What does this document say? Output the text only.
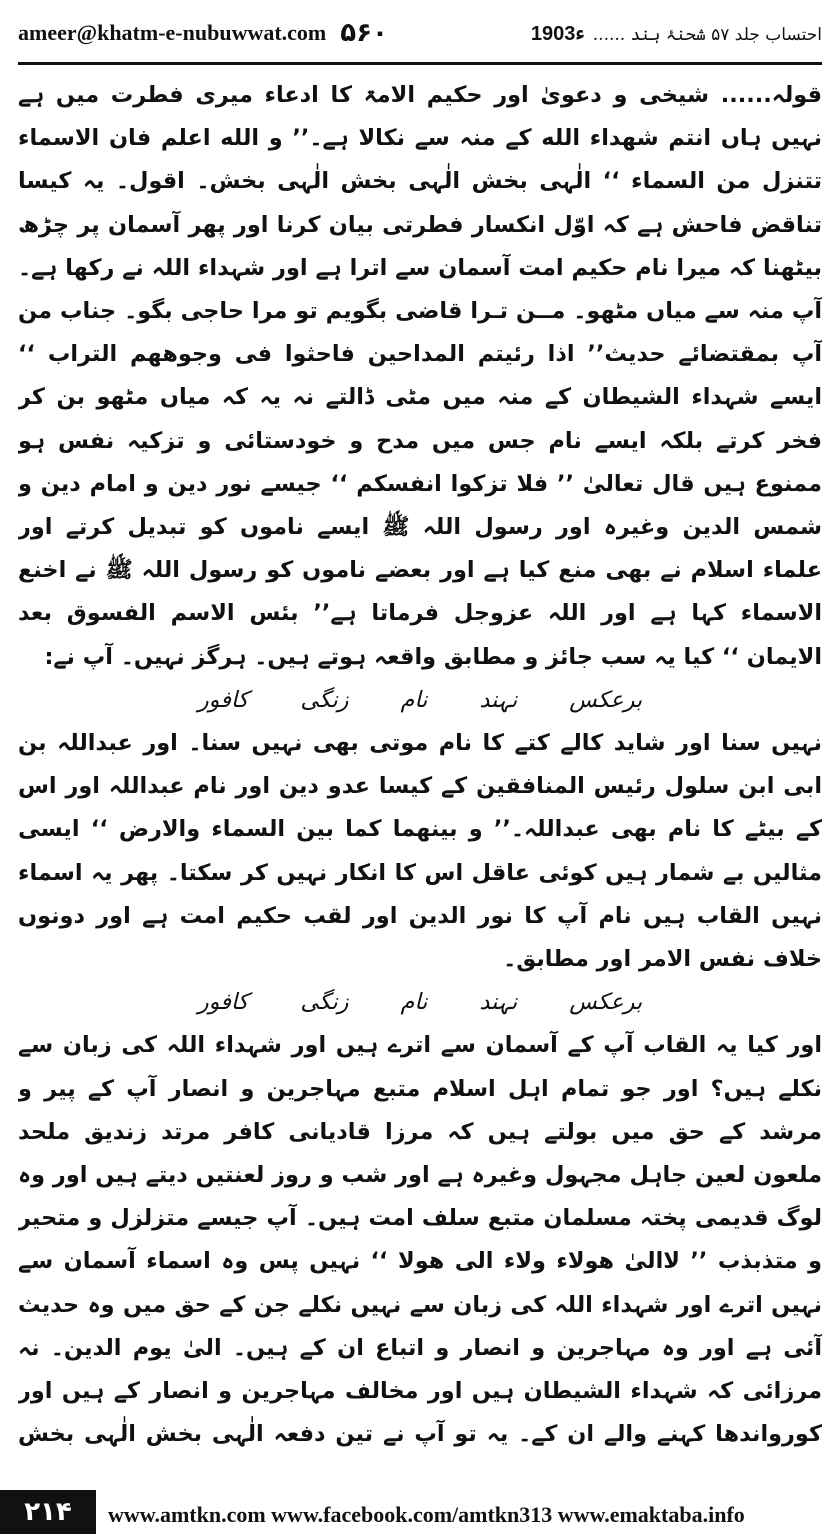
ameer@khatm-e-nubuwwat.com ۵۶۰	احتساب جلد ۵۷ شحنۂ ہند ......
1903ء

قولہ...... شیخی و دعویٰ اور حکیم الامۃ کا ادعاء میری فطرت میں ہے نہیں ہاں انتم شھداء الله کے منہ سے نکالا ہے۔’’ و الله اعلم فان الاسماء تتنزل من السماء ‘‘ الٰہی بخش الٰہی بخش الٰہی بخش۔ اقول۔ یہ کیسا تناقض فاحش ہے کہ اوّل انکسار فطرتی بیان کرنا اور پھر آسمان پر چڑھ بیٹھنا کہ میرا نام حکیم امت آسمان سے اترا ہے اور شہداء اللہ نے رکھا ہے۔ آپ منہ سے میاں مٹھو۔ مــن تـرا قاضی بگویم تو مرا حاجی بگو۔ جناب من آپ بمقتضائے حدیث’’ اذا رئیتم المداحین فاحثوا فی وجوھھم التراب ‘‘ ایسے شہداء الشیطان کے منہ میں مٹی ڈالتے نہ یہ کہ میاں مٹھو بن کر فخر کرتے بلکہ ایسے نام جس میں مدح و خودستائی و تزکیہ نفس ہو ممنوع ہیں قال تعالیٰ ’’ فلا تزکوا انفسکم ‘‘ جیسے نور دین و امام دین و شمس الدین وغیرہ اور رسول اللہ ﷺ ایسے ناموں کو تبدیل کرتے اور علماء اسلام نے بھی منع کیا ہے اور بعضے ناموں کو رسول اللہ ﷺ نے اخنع الاسماء کہا ہے اور اللہ عزوجل فرماتا ہے’’ بئس الاسم الفسوق بعد الایمان ‘‘ کیا یہ سب جائز و مطابق واقعہ ہوتے ہیں۔ ہرگز نہیں۔ آپ نے:

برعکس
نہند
نام
زنگی
کافور

نہیں سنا اور شاید کالے کتے کا نام موتی بھی نہیں سنا۔ اور عبداللہ بن ابی ابن سلول رئیس المنافقین کے کیسا عدو دین اور نام عبداللہ اور اس کے بیٹے کا نام بھی عبداللہ۔’’ و بینھما کما بین السماء والارض ‘‘ ایسی مثالیں بے شمار ہیں کوئی عاقل اس کا انکار نہیں کر سکتا۔ پھر یہ اسماء نہیں القاب ہیں نام آپ کا نور الدین اور لقب حکیم امت ہے اور دونوں خلاف نفس الامر اور مطابق۔

برعکس
نہند
نام
زنگی
کافور

اور کیا یہ القاب آپ کے آسمان سے اترے ہیں اور شہداء اللہ کی زبان سے نکلے ہیں؟ اور جو تمام اہل اسلام متبع مہاجرین و انصار آپ کے پیر و مرشد کے حق میں بولتے ہیں کہ مرزا قادیانی کافر مرتد زندیق ملحد ملعون لعین جاہل مجہول وغیرہ ہے اور شب و روز لعنتیں دیتے ہیں اور وہ لوگ قدیمی پختہ مسلمان متبع سلف امت ہیں۔ آپ جیسے متزلزل و متحیر و متذبذب ’’ لاالیٰ ھولاء ولاء الی ھولا ‘‘ نہیں پس وہ اسماء آسمان سے نہیں اترے اور شہداء اللہ کی زبان سے نہیں نکلے جن کے حق میں وہ حدیث آئی ہے اور وہ مہاجرین و انصار و اتباع ان کے ہیں۔ الیٰ یوم الدین۔ نہ مرزائی کہ شہداء الشیطان ہیں اور مخالف مہاجرین و انصار کے ہیں اور کورواندھا کہنے والے ان کے۔ یہ تو آپ نے تین دفعہ الٰہی بخش الٰہی بخش

۲۱۴	www.amtkn.com www.facebook.com/amtkn313 www.emaktaba.info
